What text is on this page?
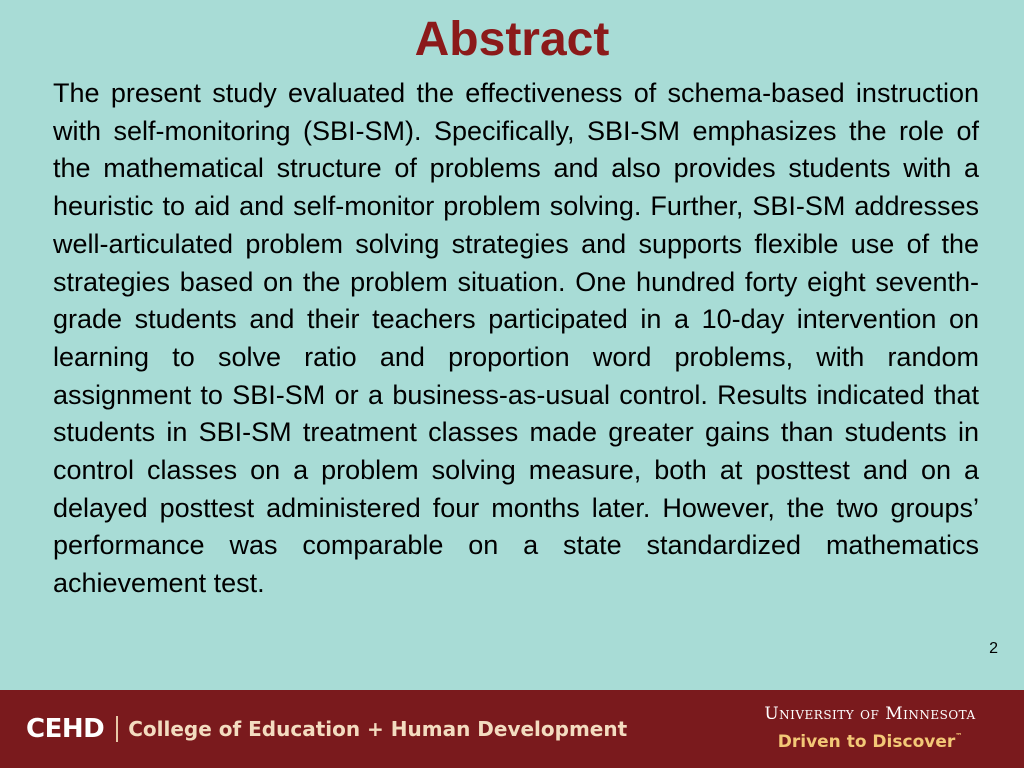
Abstract

The present study evaluated the effectiveness of schema-based instruction with self-monitoring (SBI-SM). Specifically, SBI-SM emphasizes the role of the mathematical structure of problems and also provides students with a heuristic to aid and self-monitor problem solving. Further, SBI-SM addresses well-articulated problem solving strategies and supports flexible use of the strategies based on the problem situation. One hundred forty eight seventh-grade students and their teachers participated in a 10-day intervention on learning to solve ratio and proportion word problems, with random assignment to SBI-SM or a business-as-usual control. Results indicated that students in SBI-SM treatment classes made greater gains than students in control classes on a problem solving measure, both at posttest and on a delayed posttest administered four months later. However, the two groups’ performance was comparable on a state standardized mathematics achievement test.

2
CEHD College of Education + Human Development
University of Minnesota
Driven to Discover™
